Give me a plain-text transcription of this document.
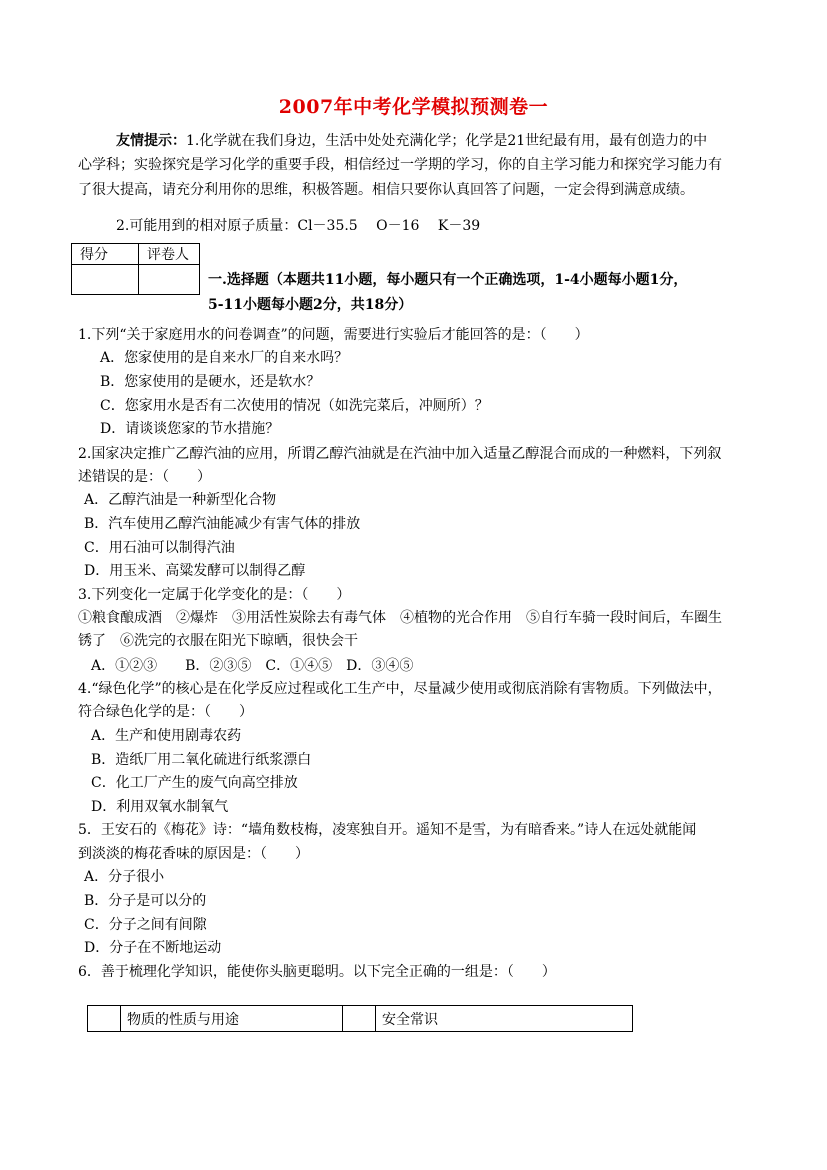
2007年中考化学模拟预测卷一
友情提示：1.化学就在我们身边，生活中处处充满化学；化学是21世纪最有用，最有创造力的中
心学科；实验探究是学习化学的重要手段，相信经过一学期的学习，你的自主学习能力和探究学习能力有
了很大提高，请充分利用你的思维，积极答题。相信只要你认真回答了问题，一定会得到满意成绩。
2.可能用到的相对原子质量：Cl－35.5　 O－16　 K－39
得分	评卷人

一.选择题（本题共11小题，每小题只有一个正确选项，1-4小题每小题1分，
5-11小题每小题2分，共18分）
1.下列“关于家庭用水的问卷调查”的问题，需要进行实验后才能回答的是：（　　）
A．您家使用的是自来水厂的自来水吗？
B．您家使用的是硬水，还是软水？
C．您家用水是否有二次使用的情况（如洗完菜后，冲厕所）？
D．请谈谈您家的节水措施？
2.国家决定推广乙醇汽油的应用，所谓乙醇汽油就是在汽油中加入适量乙醇混合而成的一种燃料，下列叙
述错误的是：（　　）
A．乙醇汽油是一种新型化合物
B．汽车使用乙醇汽油能减少有害气体的排放
C．用石油可以制得汽油
D．用玉米、高粱发酵可以制得乙醇
3.下列变化一定属于化学变化的是：（　　）
①粮食酿成酒　②爆炸　③用活性炭除去有毒气体　④植物的光合作用　⑤自行车骑一段时间后，车圈生
锈了　⑥洗完的衣服在阳光下晾晒，很快会干
A．①②③　　B．②③⑤　C．①④⑤　D．③④⑤
4.“绿色化学”的核心是在化学反应过程或化工生产中，尽量减少使用或彻底消除有害物质。下列做法中，
符合绿色化学的是：（　　）
A．生产和使用剧毒农药
B．造纸厂用二氧化硫进行纸浆漂白
C．化工厂产生的废气向高空排放
D．利用双氧水制氧气
5．王安石的《梅花》诗：“墙角数枝梅，凌寒独自开。遥知不是雪，为有暗香来。”诗人在远处就能闻
到淡淡的梅花香味的原因是：（　　）
A．分子很小
B．分子是可以分的
C．分子之间有间隙
D．分子在不断地运动
6．善于梳理化学知识，能使你头脑更聪明。以下完全正确的一组是：（　　）
	物质的性质与用途		安全常识
